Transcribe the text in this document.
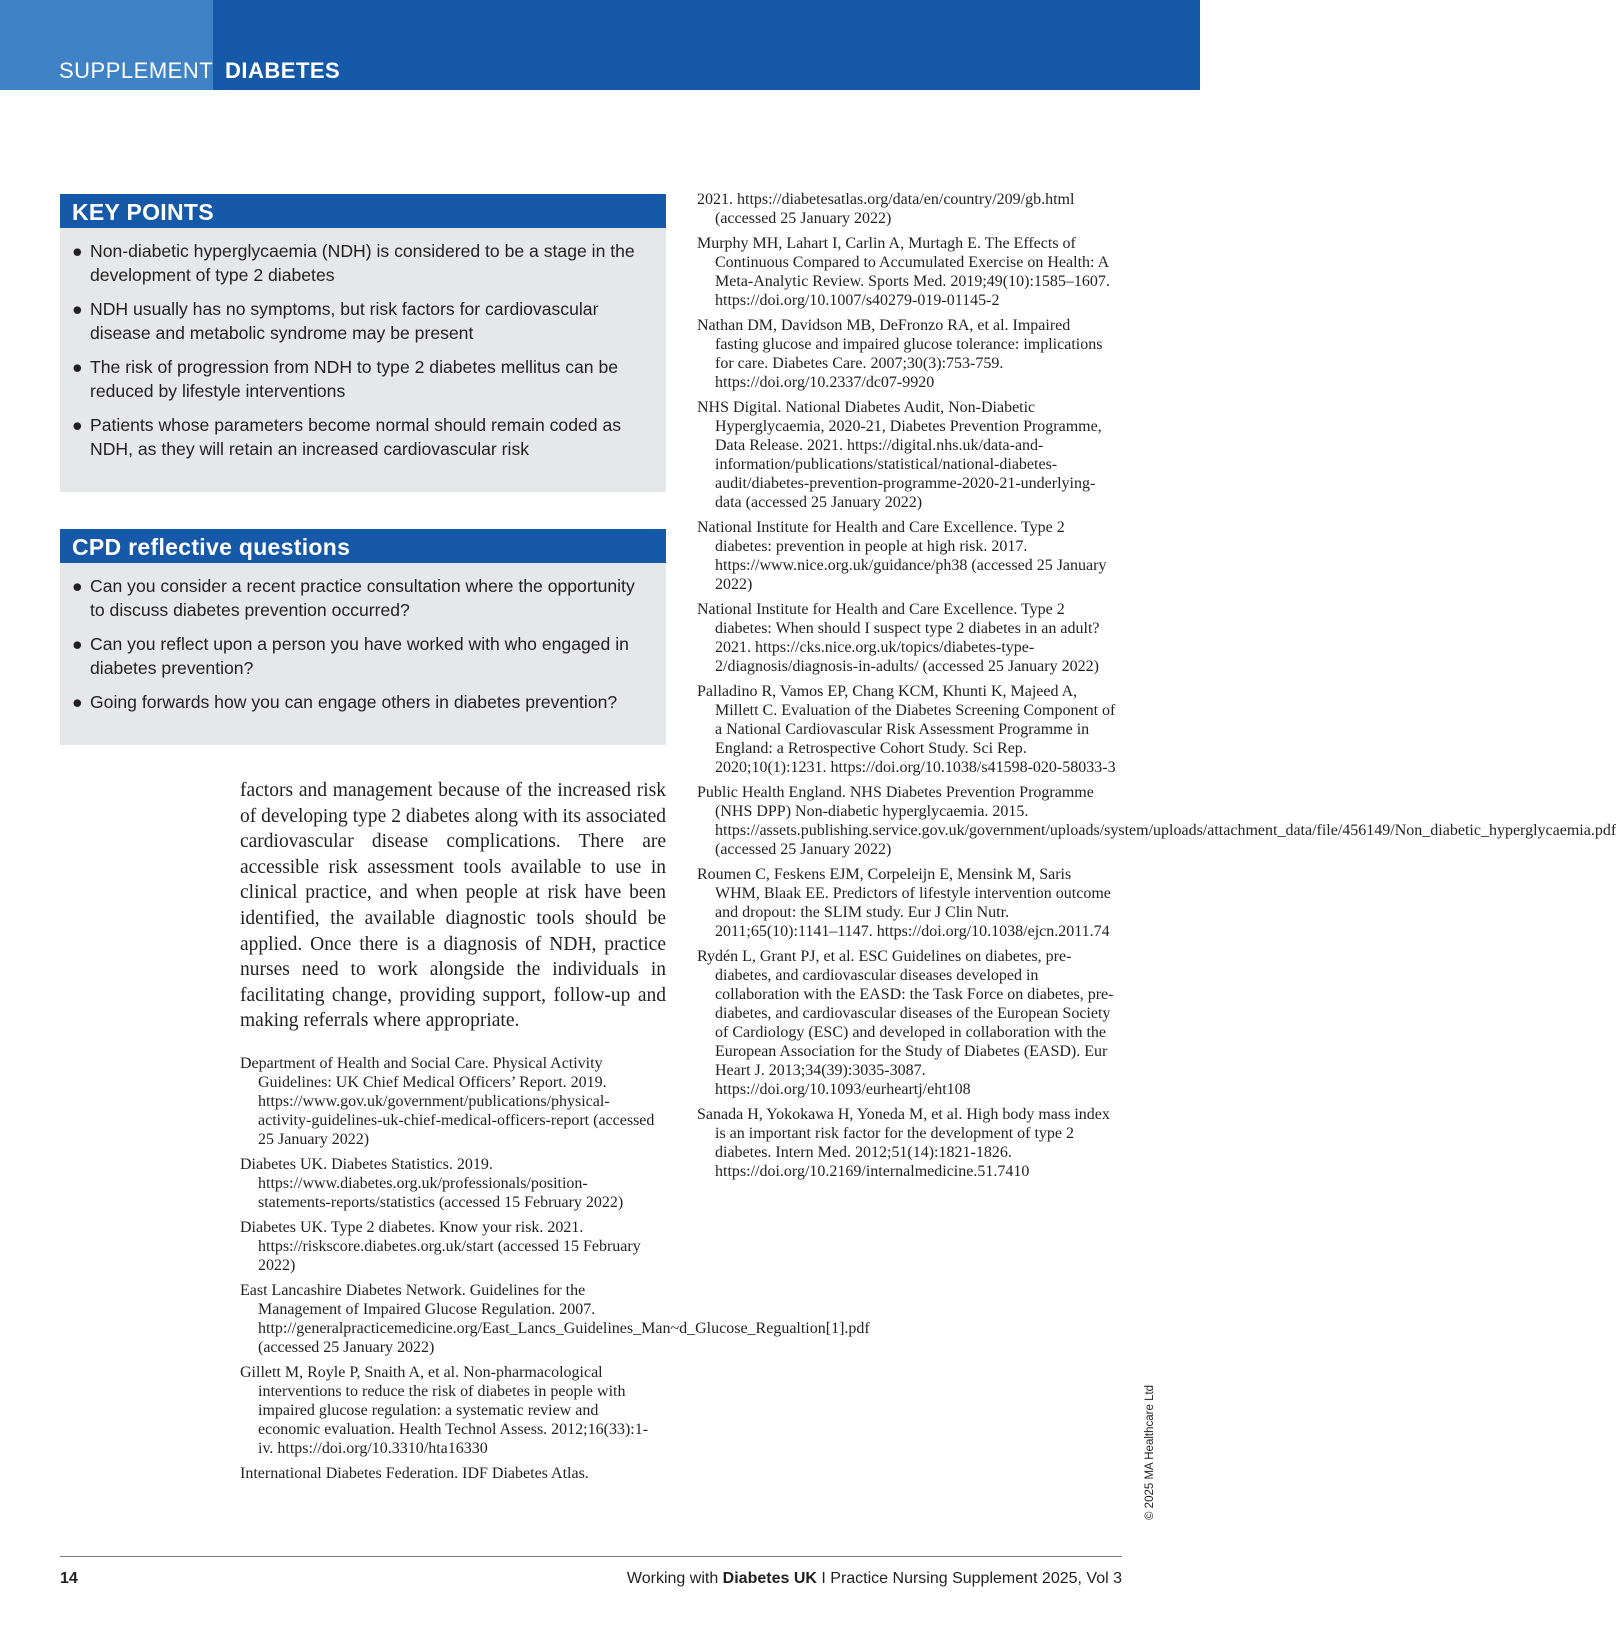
SUPPLEMENT DIABETES
KEY POINTS
● Non-diabetic hyperglycaemia (NDH) is considered to be a stage in the development of type 2 diabetes
● NDH usually has no symptoms, but risk factors for cardiovascular disease and metabolic syndrome may be present
● The risk of progression from NDH to type 2 diabetes mellitus can be reduced by lifestyle interventions
● Patients whose parameters become normal should remain coded as NDH, as they will retain an increased cardiovascular risk
CPD reflective questions
● Can you consider a recent practice consultation where the opportunity to discuss diabetes prevention occurred?
● Can you reflect upon a person you have worked with who engaged in diabetes prevention?
● Going forwards how you can engage others in diabetes prevention?
factors and management because of the increased risk of developing type 2 diabetes along with its associated cardiovascular disease complications. There are accessible risk assessment tools available to use in clinical practice, and when people at risk have been identified, the available diagnostic tools should be applied. Once there is a diagnosis of NDH, practice nurses need to work alongside the individuals in facilitating change, providing support, follow-up and making referrals where appropriate.

Department of Health and Social Care. Physical Activity Guidelines: UK Chief Medical Officers’ Report. 2019. https://www.gov.uk/government/publications/physical-activity-guidelines-uk-chief-medical-officers-report (accessed 25 January 2022)

Diabetes UK. Diabetes Statistics. 2019. https://www.diabetes.org.uk/professionals/position-statements-reports/statistics (accessed 15 February 2022)

Diabetes UK. Type 2 diabetes. Know your risk. 2021. https://riskscore.diabetes.org.uk/start (accessed 15 February 2022)

East Lancashire Diabetes Network. Guidelines for the Management of Impaired Glucose Regulation. 2007. http://generalpracticemedicine.org/East_Lancs_Guidelines_Man~d_Glucose_Regualtion[1].pdf (accessed 25 January 2022)

Gillett M, Royle P, Snaith A, et al. Non-pharmacological interventions to reduce the risk of diabetes in people with impaired glucose regulation: a systematic review and economic evaluation. Health Technol Assess. 2012;16(33):1-iv. https://doi.org/10.3310/hta16330

International Diabetes Federation. IDF Diabetes Atlas.

2021. https://diabetesatlas.org/data/en/country/209/gb.html (accessed 25 January 2022)

Murphy MH, Lahart I, Carlin A, Murtagh E. The Effects of Continuous Compared to Accumulated Exercise on Health: A Meta-Analytic Review. Sports Med. 2019;49(10):1585–1607. https://doi.org/10.1007/s40279-019-01145-2

Nathan DM, Davidson MB, DeFronzo RA, et al. Impaired fasting glucose and impaired glucose tolerance: implications for care. Diabetes Care. 2007;30(3):753-759. https://doi.org/10.2337/dc07-9920

NHS Digital. National Diabetes Audit, Non-Diabetic Hyperglycaemia, 2020-21, Diabetes Prevention Programme, Data Release. 2021. https://digital.nhs.uk/data-and-information/publications/statistical/national-diabetes-audit/diabetes-prevention-programme-2020-21-underlying-data (accessed 25 January 2022)

National Institute for Health and Care Excellence. Type 2 diabetes: prevention in people at high risk. 2017. https://www.nice.org.uk/guidance/ph38 (accessed 25 January 2022)

National Institute for Health and Care Excellence. Type 2 diabetes: When should I suspect type 2 diabetes in an adult? 2021. https://cks.nice.org.uk/topics/diabetes-type-2/diagnosis/diagnosis-in-adults/ (accessed 25 January 2022)

Palladino R, Vamos EP, Chang KCM, Khunti K, Majeed A, Millett C. Evaluation of the Diabetes Screening Component of a National Cardiovascular Risk Assessment Programme in England: a Retrospective Cohort Study. Sci Rep. 2020;10(1):1231. https://doi.org/10.1038/s41598-020-58033-3

Public Health England. NHS Diabetes Prevention Programme (NHS DPP) Non-diabetic hyperglycaemia. 2015. https://assets.publishing.service.gov.uk/government/uploads/system/uploads/attachment_data/file/456149/Non_diabetic_hyperglycaemia.pdf (accessed 25 January 2022)

Roumen C, Feskens EJM, Corpeleijn E, Mensink M, Saris WHM, Blaak EE. Predictors of lifestyle intervention outcome and dropout: the SLIM study. Eur J Clin Nutr. 2011;65(10):1141–1147. https://doi.org/10.1038/ejcn.2011.74

Rydén L, Grant PJ, et al. ESC Guidelines on diabetes, pre-diabetes, and cardiovascular diseases developed in collaboration with the EASD: the Task Force on diabetes, pre-diabetes, and cardiovascular diseases of the European Society of Cardiology (ESC) and developed in collaboration with the European Association for the Study of Diabetes (EASD). Eur Heart J. 2013;34(39):3035-3087. https://doi.org/10.1093/eurheartj/eht108

Sanada H, Yokokawa H, Yoneda M, et al. High body mass index is an important risk factor for the development of type 2 diabetes. Intern Med. 2012;51(14):1821-1826. https://doi.org/10.2169/internalmedicine.51.7410

© 2025 MA Healthcare Ltd
14	Working with Diabetes UK I Practice Nursing Supplement 2025, Vol 3
